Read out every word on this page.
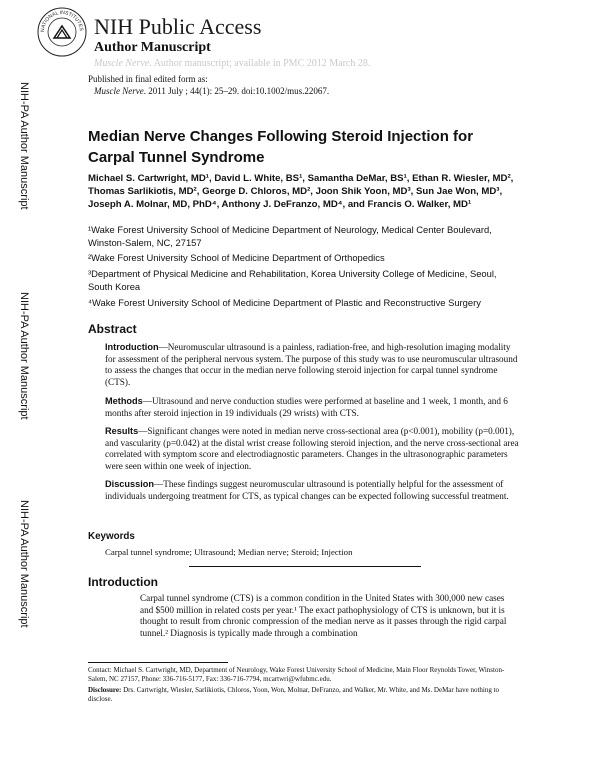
NATIONAL INSTITUTES NIH Public Access
Author Manuscript
Muscle Nerve. Author manuscript; available in PMC 2012 March 28.
Published in final edited form as:
Muscle Nerve. 2011 July ; 44(1): 25–29. doi:10.1002/mus.22067.
NIH-PA Author Manuscript
NIH-PA Author Manuscript
NIH-PA Author Manuscript
Median Nerve Changes Following Steroid Injection for Carpal Tunnel Syndrome
Michael S. Cartwright, MD¹, David L. White, BS¹, Samantha DeMar, BS¹, Ethan R. Wiesler, MD², Thomas Sarlikiotis, MD², George D. Chloros, MD², Joon Shik Yoon, MD³, Sun Jae Won, MD³, Joseph A. Molnar, MD, PhD⁴, Anthony J. DeFranzo, MD⁴, and Francis O. Walker, MD¹
¹Wake Forest University School of Medicine Department of Neurology, Medical Center Boulevard, Winston-Salem, NC, 27157
²Wake Forest University School of Medicine Department of Orthopedics
³Department of Physical Medicine and Rehabilitation, Korea University College of Medicine, Seoul, South Korea
⁴Wake Forest University School of Medicine Department of Plastic and Reconstructive Surgery
Abstract
Introduction—Neuromuscular ultrasound is a painless, radiation-free, and high-resolution imaging modality for assessment of the peripheral nervous system. The purpose of this study was to use neuromuscular ultrasound to assess the changes that occur in the median nerve following steroid injection for carpal tunnel syndrome (CTS).
Methods—Ultrasound and nerve conduction studies were performed at baseline and 1 week, 1 month, and 6 months after steroid injection in 19 individuals (29 wrists) with CTS.
Results—Significant changes were noted in median nerve cross-sectional area (p<0.001), mobility (p=0.001), and vascularity (p=0.042) at the distal wrist crease following steroid injection, and the nerve cross-sectional area correlated with symptom score and electrodiagnostic parameters. Changes in the ultrasonographic parameters were seen within one week of injection.
Discussion—These findings suggest neuromuscular ultrasound is potentially helpful for the assessment of individuals undergoing treatment for CTS, as typical changes can be expected following successful treatment.
Keywords
Carpal tunnel syndrome; Ultrasound; Median nerve; Steroid; Injection
Introduction
Carpal tunnel syndrome (CTS) is a common condition in the United States with 300,000 new cases and $500 million in related costs per year.¹ The exact pathophysiology of CTS is unknown, but it is thought to result from chronic compression of the median nerve as it passes through the rigid carpal tunnel.² Diagnosis is typically made through a combination
Contact: Michael S. Cartwright, MD, Department of Neurology, Wake Forest University School of Medicine, Main Floor Reynolds Tower, Winston-Salem, NC 27157, Phone: 336-716-5177, Fax: 336-716-7794, mcartwri@wfubmc.edu.
Disclosure: Drs. Cartwright, Wiesler, Sarlikiotis, Chloros, Yoon, Won, Molnar, DeFranzo, and Walker, Mr. White, and Ms. DeMar have nothing to disclose.
